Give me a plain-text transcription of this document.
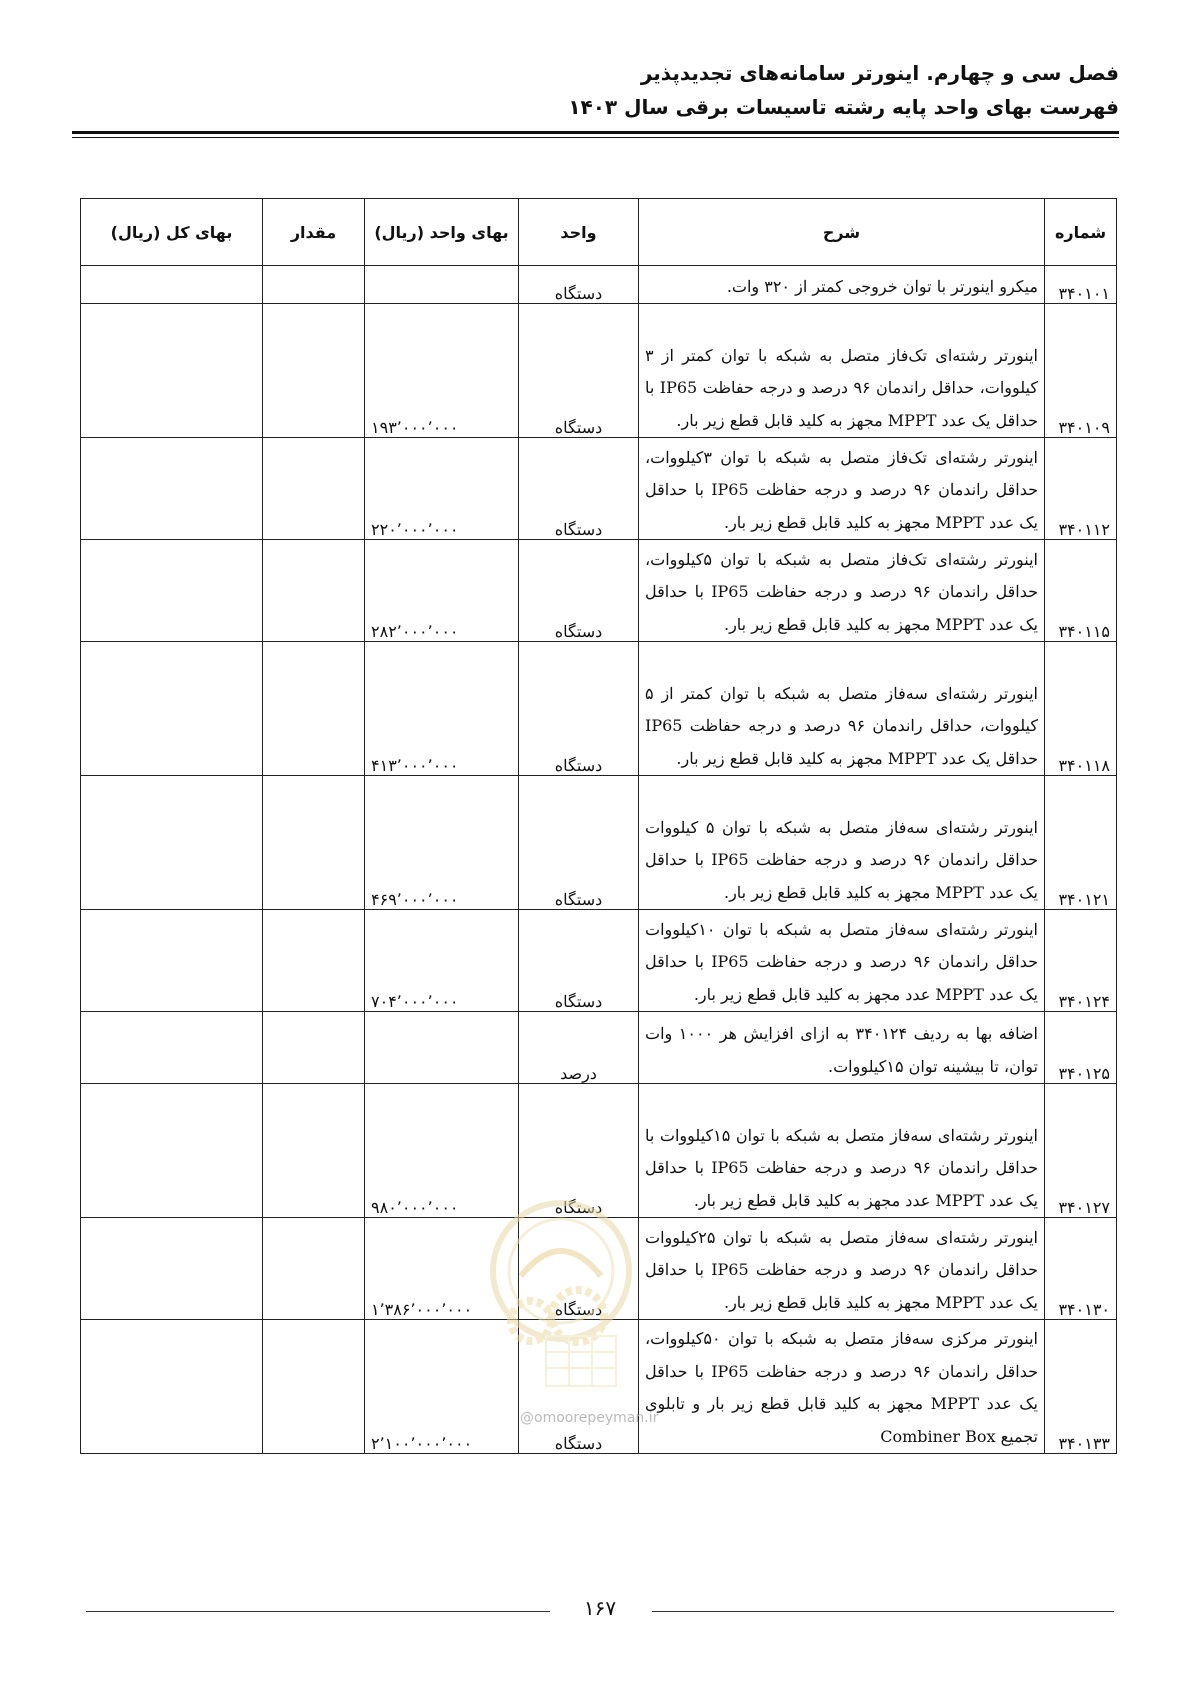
فصل سی و چهارم. اینورتر سامانه‌های تجدیدپذیر
فهرست بهای واحد پایه رشته تاسیسات برقی سال ۱۴۰۳
شماره	شرح	واحد	بهای واحد (ریال)	مقدار	بهای کل (ریال)
۳۴۰۱۰۱	میکرو اینورتر با توان خروجی کمتر از ۳۲۰ وات.	دستگاه			
۳۴۰۱۰۹	اینورتر رشته‌ای تک‌فاز متصل به شبکه با توان کمتر از ۳ کیلووات، حداقل راندمان ۹۶ درصد و درجه حفاظت IP65 با حداقل یک عدد MPPT مجهز به کلید قابل قطع زیر بار.	دستگاه	۱۹۳٬۰۰۰٬۰۰۰		
۳۴۰۱۱۲	اینورتر رشته‌ای تک‌فاز متصل به شبکه با توان ۳کیلووات، حداقل راندمان ۹۶ درصد و درجه حفاظت IP65 با حداقل یک عدد MPPT مجهز به کلید قابل قطع زیر بار.	دستگاه	۲۲۰٬۰۰۰٬۰۰۰		
۳۴۰۱۱۵	اینورتر رشته‌ای تک‌فاز متصل به شبکه با توان ۵کیلووات، حداقل راندمان ۹۶ درصد و درجه حفاظت IP65 با حداقل یک عدد MPPT مجهز به کلید قابل قطع زیر بار.	دستگاه	۲۸۲٬۰۰۰٬۰۰۰		
۳۴۰۱۱۸	اینورتر رشته‌ای سه‌فاز متصل به شبکه با توان کمتر از ۵ کیلووات، حداقل راندمان ۹۶ درصد و درجه حفاظت IP65 حداقل یک عدد MPPT مجهز به کلید قابل قطع زیر بار.	دستگاه	۴۱۳٬۰۰۰٬۰۰۰		
۳۴۰۱۲۱	اینورتر رشته‌ای سه‌فاز متصل به شبکه با توان ۵ کیلووات حداقل راندمان ۹۶ درصد و درجه حفاظت IP65 با حداقل یک عدد MPPT مجهز به کلید قابل قطع زیر بار.	دستگاه	۴۶۹٬۰۰۰٬۰۰۰		
۳۴۰۱۲۴	اینورتر رشته‌ای سه‌فاز متصل به شبکه با توان ۱۰کیلووات حداقل راندمان ۹۶ درصد و درجه حفاظت IP65 با حداقل یک عدد MPPT عدد مجهز به کلید قابل قطع زیر بار.	دستگاه	۷۰۴٬۰۰۰٬۰۰۰		
۳۴۰۱۲۵	اضافه بها به ردیف ۳۴۰۱۲۴ به ازای افزایش هر ۱۰۰۰ وات توان، تا بیشینه توان ۱۵کیلووات.	درصد			
۳۴۰۱۲۷	اینورتر رشته‌ای سه‌فاز متصل به شبکه با توان ۱۵کیلووات با حداقل راندمان ۹۶ درصد و درجه حفاظت IP65 با حداقل یک عدد MPPT عدد مجهز به کلید قابل قطع زیر بار.	دستگاه	۹۸۰٬۰۰۰٬۰۰۰		
۳۴۰۱۳۰	اینورتر رشته‌ای سه‌فاز متصل به شبکه با توان ۲۵کیلووات حداقل راندمان ۹۶ درصد و درجه حفاظت IP65 با حداقل یک عدد MPPT مجهز به کلید قابل قطع زیر بار.	دستگاه	۱٬۳۸۶٬۰۰۰٬۰۰۰		
۳۴۰۱۳۳	اینورتر مرکزی سه‌فاز متصل به شبکه با توان ۵۰کیلووات، حداقل راندمان ۹۶ درصد و درجه حفاظت IP65 با حداقل یک عدد MPPT مجهز به کلید قابل قطع زیر بار و تابلوی تجمیع Combiner Box	دستگاه	۲٬۱۰۰٬۰۰۰٬۰۰۰		
@omoorepeyman.ir
۱۶۷
